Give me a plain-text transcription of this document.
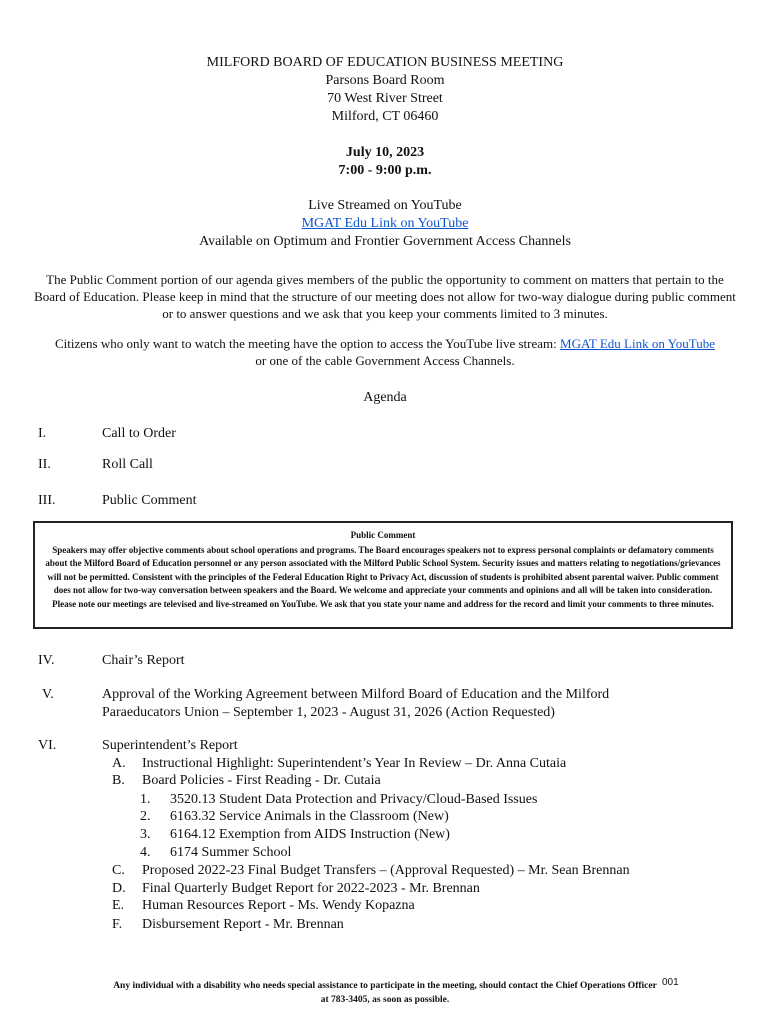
MILFORD BOARD OF EDUCATION BUSINESS MEETING
Parsons Board Room
70 West River Street
Milford, CT 06460
July 10, 2023
7:00 - 9:00 p.m.
Live Streamed on YouTube
MGAT Edu Link on YouTube
Available on Optimum and Frontier Government Access Channels
The Public Comment portion of our agenda gives members of the public the opportunity to comment on matters that pertain to the Board of Education. Please keep in mind that the structure of our meeting does not allow for two-way dialogue during public comment or to answer questions and we ask that you keep your comments limited to 3 minutes.
Citizens who only want to watch the meeting have the option to access the YouTube live stream: MGAT Edu Link on YouTube or one of the cable Government Access Channels.
Agenda
I.	Call to Order
II.	Roll Call
III.	Public Comment
Public Comment
Speakers may offer objective comments about school operations and programs. The Board encourages speakers not to express personal complaints or defamatory comments about the Milford Board of Education personnel or any person associated with the Milford Public School System. Security issues and matters relating to negotiations/grievances will not be permitted. Consistent with the principles of the Federal Education Right to Privacy Act, discussion of students is prohibited absent parental waiver. Public comment does not allow for two-way conversation between speakers and the Board. We welcome and appreciate your comments and opinions and all will be taken into consideration. Please note our meetings are televised and live-streamed on YouTube. We ask that you state your name and address for the record and limit your comments to three minutes.
IV.	Chair’s Report
V.	Approval of the Working Agreement between Milford Board of Education and the Milford Paraeducators Union – September 1, 2023 - August 31, 2026 (Action Requested)
VI.	Superintendent’s Report
A.	Instructional Highlight: Superintendent’s Year In Review – Dr. Anna Cutaia
B.	Board Policies - First Reading - Dr. Cutaia
1.	3520.13 Student Data Protection and Privacy/Cloud-Based Issues
2.	6163.32 Service Animals in the Classroom (New)
3.	6164.12 Exemption from AIDS Instruction (New)
4.	6174 Summer School
C.	Proposed 2022-23 Final Budget Transfers – (Approval Requested) – Mr. Sean Brennan
D.	Final Quarterly Budget Report for 2022-2023 - Mr. Brennan
E.	Human Resources Report - Ms. Wendy Kopazna
F.	Disbursement Report - Mr. Brennan
Any individual with a disability who needs special assistance to participate in the meeting, should contact the Chief Operations Officer at 783-3405, as soon as possible.
001
